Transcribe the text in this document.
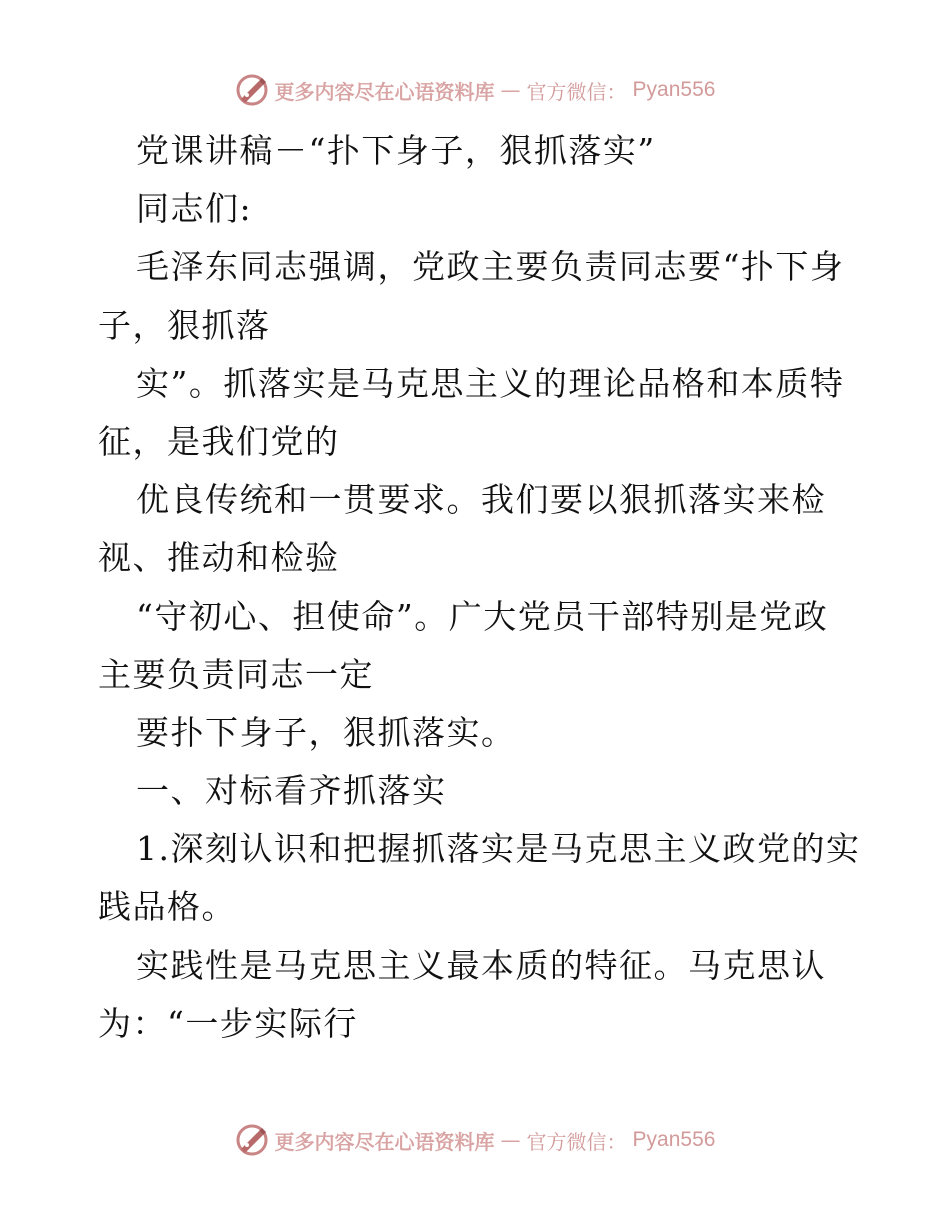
更多内容尽在心语资料库 — 官方微信： Pyan556
党课讲稿－“扑下身子，狠抓落实”
同志们:
毛泽东同志强调，党政主要负责同志要“扑下身
子，狠抓落
实”。抓落实是马克思主义的理论品格和本质特
征，是我们党的
优良传统和一贯要求。我们要以狠抓落实来检
视、推动和检验
“守初心、担使命”。广大党员干部特别是党政
主要负责同志一定
要扑下身子，狠抓落实。
一、对标看齐抓落实
1.深刻认识和把握抓落实是马克思主义政党的实
践品格。
实践性是马克思主义最本质的特征。马克思认
为：“一步实际行
更多内容尽在心语资料库 — 官方微信： Pyan556
